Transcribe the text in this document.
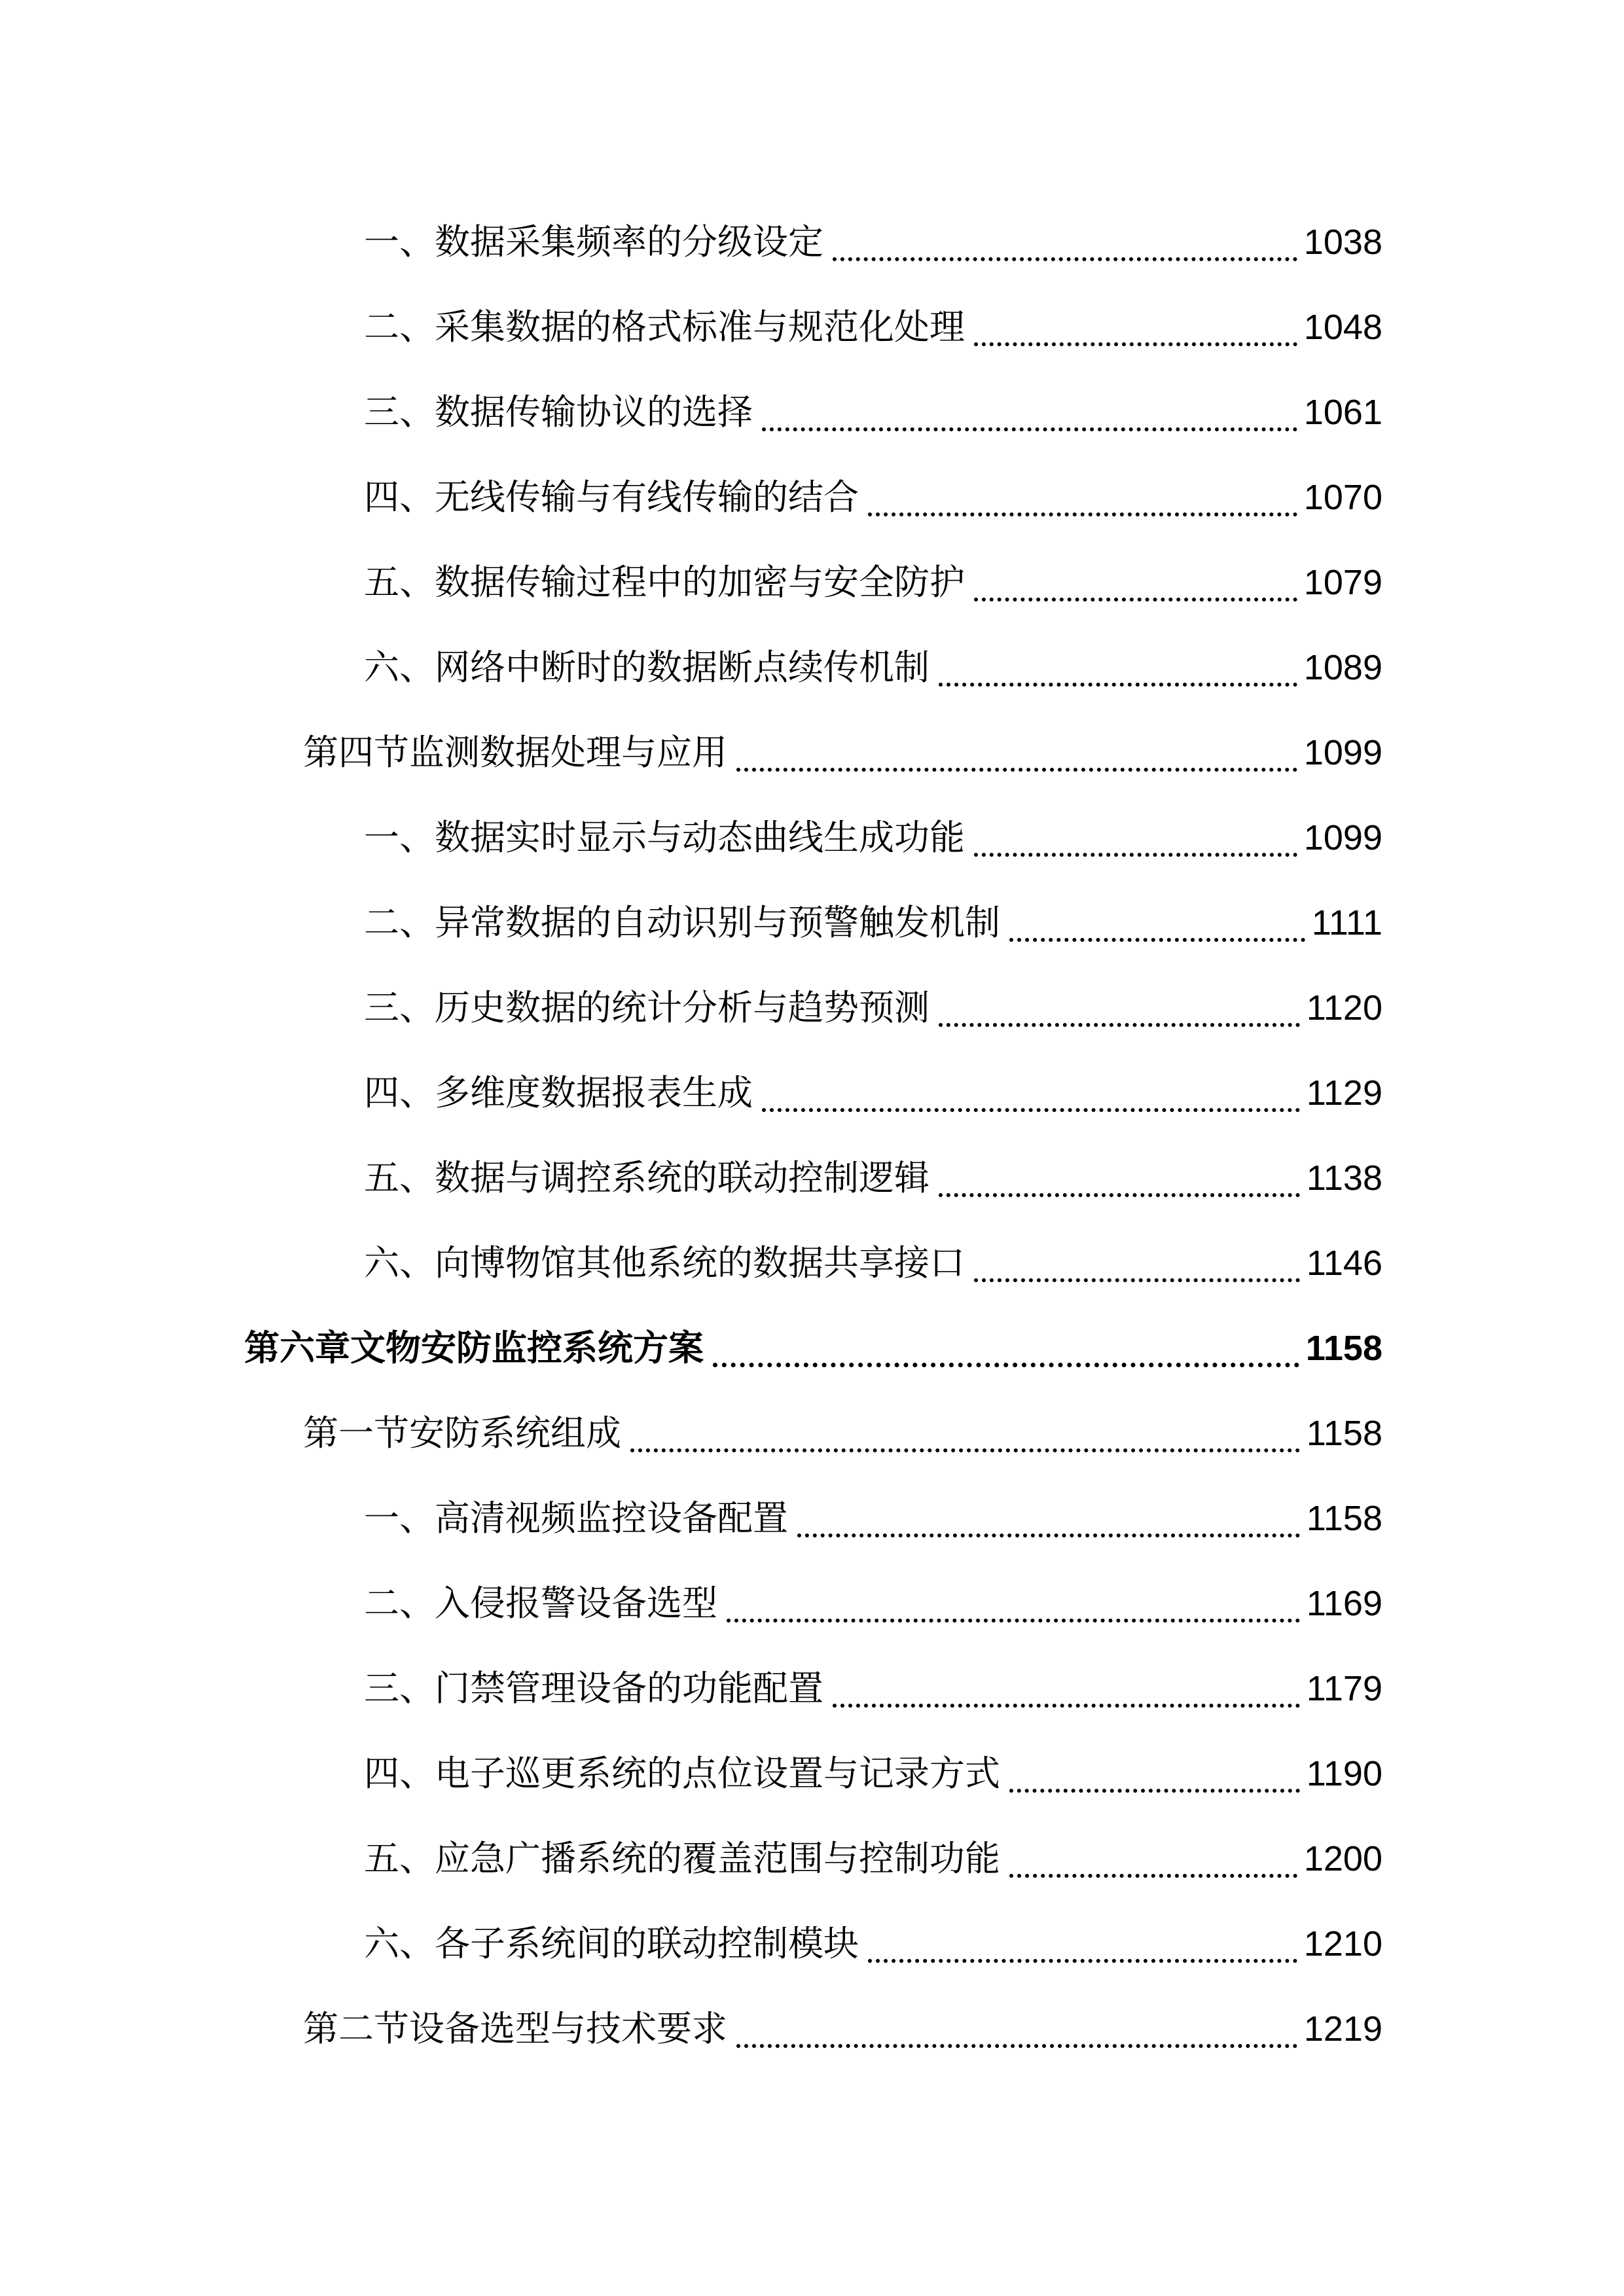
一、数据采集频率的分级设定	1038
二、采集数据的格式标准与规范化处理	1048
三、数据传输协议的选择	1061
四、无线传输与有线传输的结合	1070
五、数据传输过程中的加密与安全防护	1079
六、网络中断时的数据断点续传机制	1089
第四节监测数据处理与应用	1099
一、数据实时显示与动态曲线生成功能	1099
二、异常数据的自动识别与预警触发机制	1111
三、历史数据的统计分析与趋势预测	1120
四、多维度数据报表生成	1129
五、数据与调控系统的联动控制逻辑	1138
六、向博物馆其他系统的数据共享接口	1146
第六章文物安防监控系统方案	1158
第一节安防系统组成	1158
一、高清视频监控设备配置	1158
二、入侵报警设备选型	1169
三、门禁管理设备的功能配置	1179
四、电子巡更系统的点位设置与记录方式	1190
五、应急广播系统的覆盖范围与控制功能	1200
六、各子系统间的联动控制模块	1210
第二节设备选型与技术要求	1219
